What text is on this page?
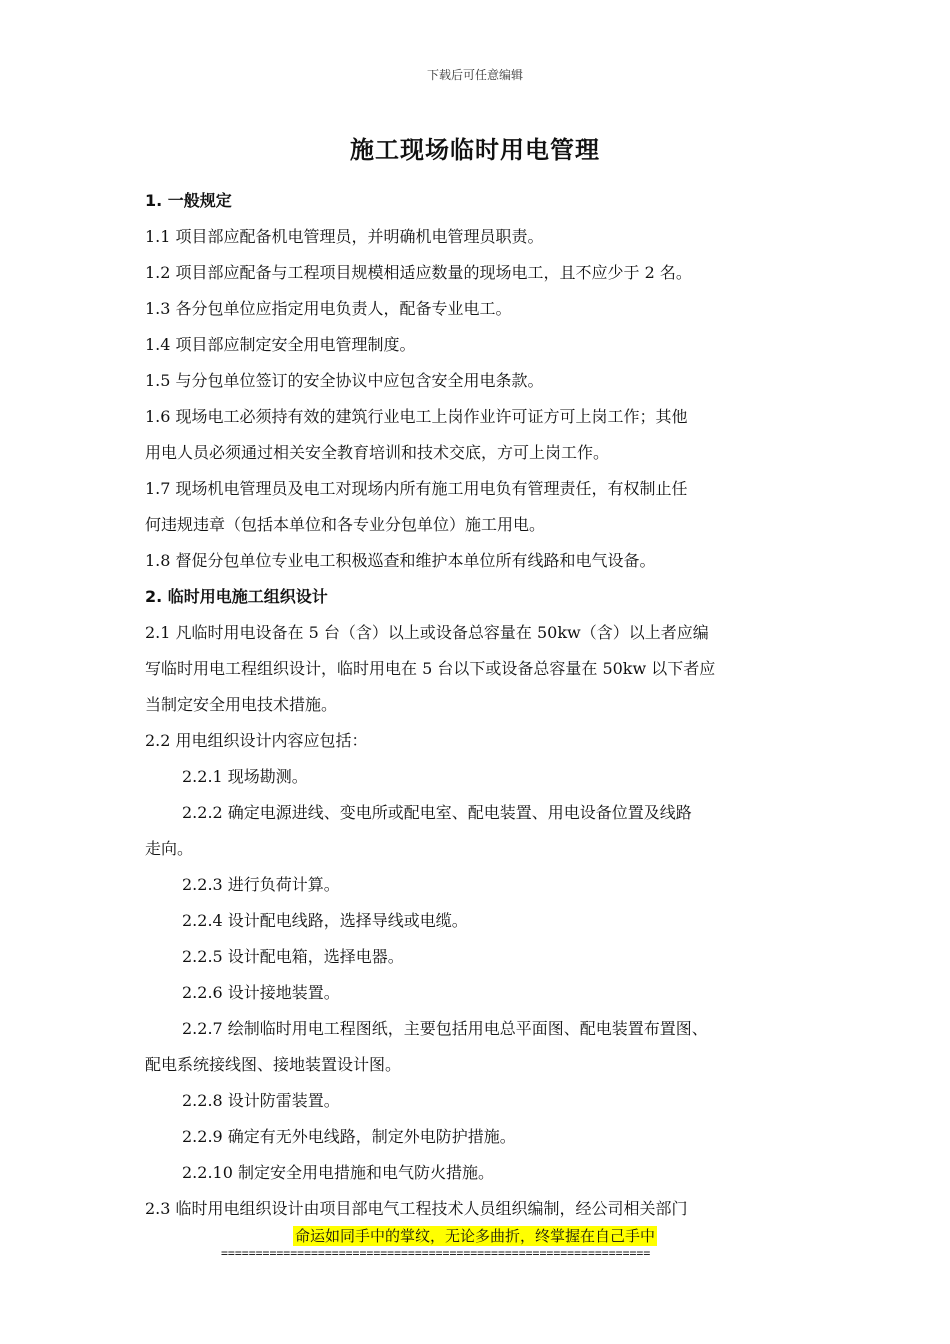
下载后可任意编辑
施工现场临时用电管理
1. 一般规定
1.1 项目部应配备机电管理员，并明确机电管理员职责。
1.2 项目部应配备与工程项目规模相适应数量的现场电工，且不应少于 2 名。
1.3 各分包单位应指定用电负责人，配备专业电工。
1.4 项目部应制定安全用电管理制度。
1.5 与分包单位签订的安全协议中应包含安全用电条款。
1.6 现场电工必须持有效的建筑行业电工上岗作业许可证方可上岗工作；其他
用电人员必须通过相关安全教育培训和技术交底，方可上岗工作。
1.7 现场机电管理员及电工对现场内所有施工用电负有管理责任，有权制止任
何违规违章（包括本单位和各专业分包单位）施工用电。
1.8 督促分包单位专业电工积极巡查和维护本单位所有线路和电气设备。
2. 临时用电施工组织设计
2.1 凡临时用电设备在 5 台（含）以上或设备总容量在 50kw（含）以上者应编
写临时用电工程组织设计，临时用电在 5 台以下或设备总容量在 50kw 以下者应
当制定安全用电技术措施。
2.2 用电组织设计内容应包括：
2.2.1 现场勘测。
2.2.2 确定电源进线、变电所或配电室、配电装置、用电设备位置及线路
走向。
2.2.3 进行负荷计算。
2.2.4 设计配电线路，选择导线或电缆。
2.2.5 设计配电箱，选择电器。
2.2.6 设计接地装置。
2.2.7 绘制临时用电工程图纸，主要包括用电总平面图、配电装置布置图、
配电系统接线图、接地装置设计图。
2.2.8 设计防雷装置。
2.2.9 确定有无外电线路，制定外电防护措施。
2.2.10 制定安全用电措施和电气防火措施。
2.3 临时用电组织设计由项目部电气工程技术人员组织编制，经公司相关部门
命运如同手中的掌纹，无论多曲折，终掌握在自己手中
==============================================================
